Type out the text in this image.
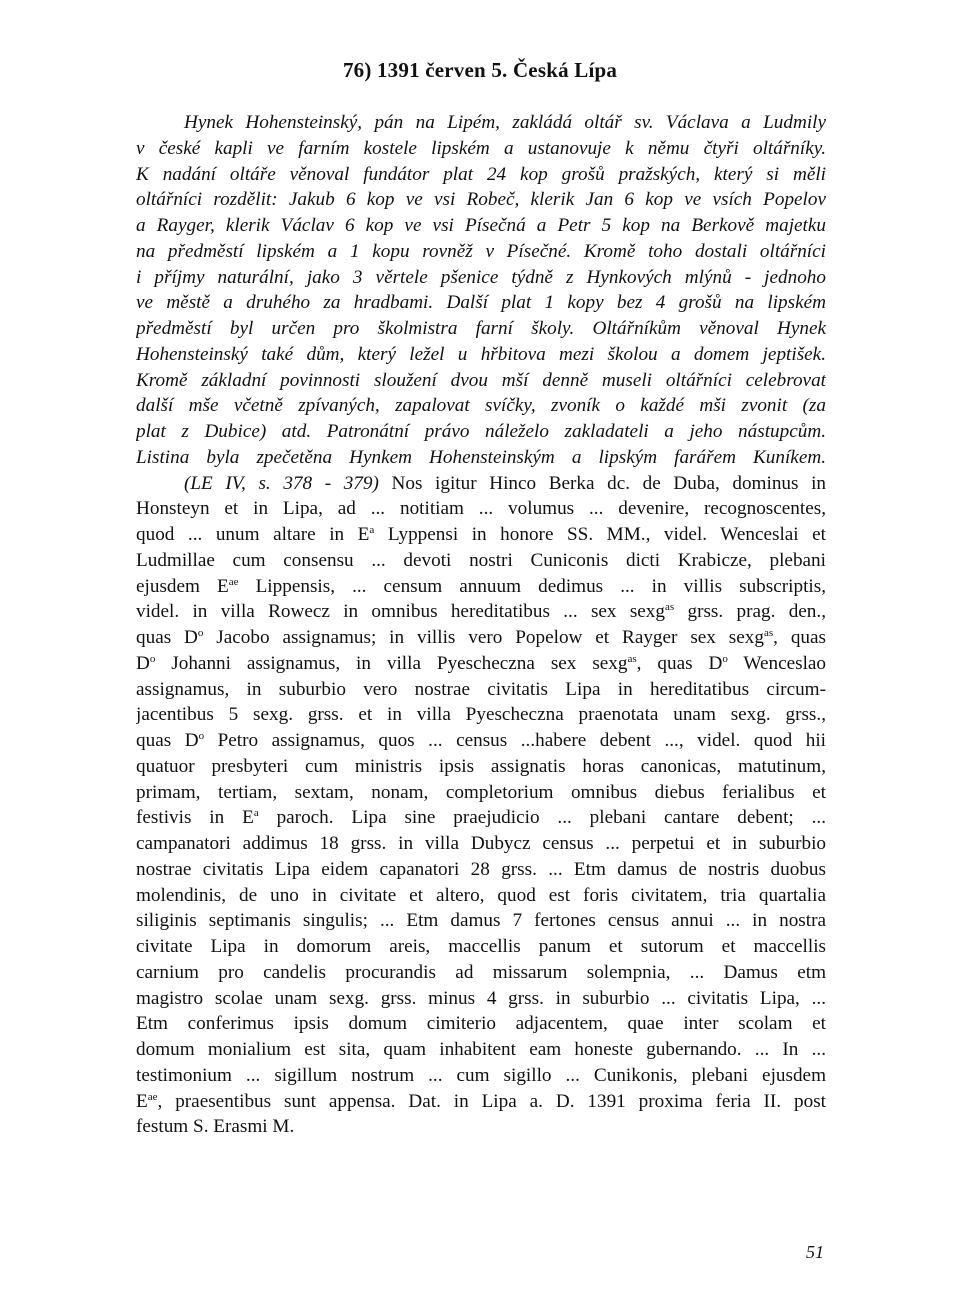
76) 1391 červen 5. Česká Lípa
Hynek Hohensteinský, pán na Lipém, zakládá oltář sv. Václava a Ludmily
v české kapli ve farním kostele lipském a ustanovuje k němu čtyři oltářníky.
K nadání oltáře věnoval fundátor plat 24 kop grošů pražských, který si měli
oltářníci rozdělit: Jakub 6 kop ve vsi Robeč, klerik Jan 6 kop ve vsích Popelov
a Rayger, klerik Václav 6 kop ve vsi Písečná a Petr 5 kop na Berkově majetku
na předměstí lipském a 1 kopu rovněž v Písečné. Kromě toho dostali oltářníci
i příjmy naturální, jako 3 věrtele pšenice týdně z Hynkových mlýnů - jednoho
ve městě a druhého za hradbami. Další plat 1 kopy bez 4 grošů na lipském
předměstí byl určen pro školmistra farní školy. Oltářníkům věnoval Hynek
Hohensteinský také dům, který ležel u hřbitova mezi školou a domem jeptišek.
Kromě základní povinnosti sloužení dvou mší denně museli oltářníci celebrovat
další mše včetně zpívaných, zapalovat svíčky, zvoník o každé mši zvonit (za
plat z Dubice) atd. Patronátní právo náleželo zakladateli a jeho nástupcům.
Listina byla zpečetěna Hynkem Hohensteinským a lipským farářem Kuníkem.
(LE IV, s. 378 - 379) Nos igitur Hinco Berka dc. de Duba, dominus in
Honsteyn et in Lipa, ad ... notitiam ... volumus ... devenire, recognoscentes,
quod ... unum altare in $E^a$ Lyppensi in honore SS. MM., videl. Wenceslai et
Ludmillae cum consensu ... devoti nostri Cuniconis dicti Krabicze, plebani
ejusdem $E^{ae}$ Lippensis, ... censum annuum dedimus ... in villis subscriptis,
videl. in villa Rowecz in omnibus hereditatibus ... sex sexg$^{as}$ grss. prag. den.,
quas $D^o$ Jacobo assignamus; in villis vero Popelow et Rayger sex sexg$^{as}$, quas
$D^o$ Johanni assignamus, in villa Pyescheczna sex sexg$^{as}$, quas $D^o$ Wenceslao
assignamus, in suburbio vero nostrae civitatis Lipa in hereditatibus circum-
jacentibus 5 sexg. grss. et in villa Pyescheczna praenotata unam sexg. grss.,
quas $D^o$ Petro assignamus, quos ... census ...habere debent ..., videl. quod hii
quatuor presbyteri cum ministris ipsis assignatis horas canonicas, matutinum,
primam, tertiam, sextam, nonam, completorium omnibus diebus ferialibus et
festivis in $E^a$ paroch. Lipa sine praejudicio ... plebani cantare debent; ...
campanatori addimus 18 grss. in villa Dubycz census ... perpetui et in suburbio
nostrae civitatis Lipa eidem capanatori 28 grss. ... Etm damus de nostris duobus
molendinis, de uno in civitate et altero, quod est foris civitatem, tria quartalia
siliginis septimanis singulis; ... Etm damus 7 fertones census annui ... in nostra
civitate Lipa in domorum areis, maccellis panum et sutorum et maccellis
carnium pro candelis procurandis ad missarum solempnia, ... Damus etm
magistro scolae unam sexg. grss. minus 4 grss. in suburbio ... civitatis Lipa, ...
Etm conferimus ipsis domum cimiterio adjacentem, quae inter scolam et
domum monialium est sita, quam inhabitent eam honeste gubernando. ... In ...
testimonium ... sigillum nostrum ... cum sigillo ... Cunikonis, plebani ejusdem
$E^{ae}$, praesentibus sunt appensa. Dat. in Lipa a. D. 1391 proxima feria II. post
festum S. Erasmi M.
51
